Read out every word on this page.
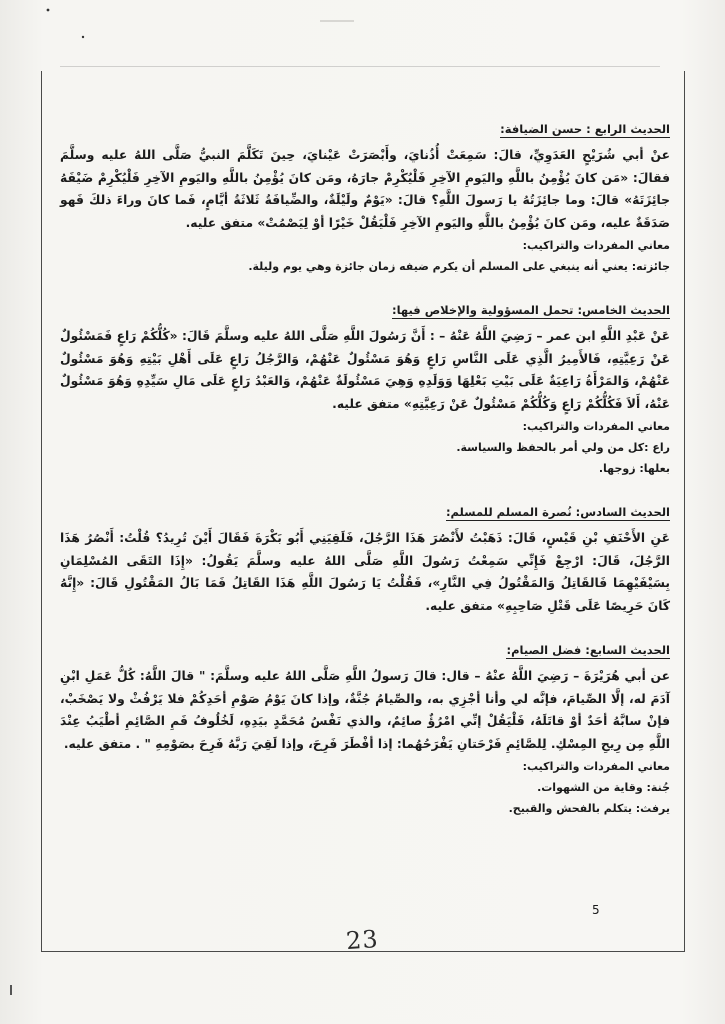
الحديث الرابع : حسن الضيافة:

عنْ أبي شُرَيْحٍ العَدَوِيِّ، قالَ: سَمِعَتْ أُذُنايَ، وأَبْصَرَتْ عَيْنايَ، حِينَ تَكَلَّمَ النبيُّ صَلَّى اللهُ عليه وسلَّمَ فقالَ: «مَن كانَ يُؤْمِنُ باللَّهِ واليَومِ الآخِرِ فَلْيُكْرِمْ جارَهُ، ومَن كانَ يُؤْمِنُ باللَّهِ واليَومِ الآخِرِ فَلْيُكْرِمْ ضَيْفَهُ جائِزَتَهُ» قالَ: وما جائِزَتُهُ يا رَسولَ اللَّهِ؟ قالَ: «يَوْمٌ ولَيْلَةٌ، والضِّيافَةُ ثَلاثَةُ أيَّامٍ، فَما كانَ وراءَ ذلكَ فَهو صَدَقَةٌ عليه، ومَن كانَ يُؤْمِنُ باللَّهِ واليَومِ الآخِرِ فَلْيَقُلْ خَيْرًا أوْ لِيَصْمُتْ» متفق عليه.

معاني المفردات والتراكيب:

جائزته: يعني أنه ينبغي على المسلم أن يكرم ضيفه زمان جائزة وهي يوم وليلة.

الحديث الخامس: تحمل المسؤولية والإخلاص فيها:

عَنْ عَبْدِ اللَّهِ ابن عمر – رَضِيَ اللَّهُ عَنْهُ – : أَنَّ رَسُولَ اللَّهِ صَلَّى اللهُ عليه وسلَّمَ قَالَ: «كُلُّكُمْ رَاعٍ فَمَسْئُولٌ عَنْ رَعِيَّتِهِ، فَالأَمِيرُ الَّذِي عَلَى النَّاسِ رَاعٍ وَهُوَ مَسْئُولٌ عَنْهُمْ، وَالرَّجُلُ رَاعٍ عَلَى أَهْلِ بَيْتِهِ وَهُوَ مَسْئُولٌ عَنْهُمْ، وَالمَرْأَةُ رَاعِيَةٌ عَلَى بَيْتِ بَعْلِهَا وَوَلَدِهِ وَهِيَ مَسْئُولَةٌ عَنْهُمْ، وَالعَبْدُ رَاعٍ عَلَى مَالِ سَيِّدِهِ وَهُوَ مَسْئُولٌ عَنْهُ، أَلاَ فَكُلُّكُمْ رَاعٍ وَكُلُّكُمْ مَسْئُولٌ عَنْ رَعِيَّتِهِ» متفق عليه.

معاني المفردات والتراكيب:

راع :كل من ولي أمر بالحفظ والسياسة.

بعلها: زوجها.

الحديث السادس: نُصرة المسلم للمسلم:

عَنِ الأَحْنَفِ بْنِ قَيْسٍ، قَالَ: ذَهَبْتُ لأَنْصُرَ هَذَا الرَّجُلَ، فَلَقِيَنِي أَبُو بَكْرَةَ فَقَالَ أَيْنَ تُرِيدُ؟ قُلْتُ: أَنْصُرُ هَذَا الرَّجُلَ، قَالَ: ارْجِعْ فَإِنِّي سَمِعْتُ رَسُولَ اللَّهِ صَلَّى اللهُ عليه وسلَّمَ يَقُولُ: «إِذَا التَقَى المُسْلِمَانِ بِسَيْفَيْهِمَا فَالقَاتِلُ وَالمَقْتُولُ فِي النَّارِ»، فَقُلْتُ يَا رَسُولَ اللَّهِ هَذَا القَاتِلُ فَمَا بَالُ المَقْتُولِ قَالَ: «إِنَّهُ كَانَ حَرِيصًا عَلَى قَتْلِ صَاحِبِهِ» متفق عليه.

الحديث السابع: فضل الصيام:

عن أبي هُرَيْرَةَ – رَضِيَ اللَّهُ عنْهُ – قال: قالَ رَسولُ اللَّهِ صَلَّى اللهُ عليه وسلَّمَ: " قالَ اللَّهُ: كُلُّ عَمَلِ ابْنِ آدَمَ له، إلَّا الصِّيامَ، فإنَّه لي وأنا أجْزِي به، والصِّيامُ جُنَّةٌ، وإذا كانَ يَوْمُ صَوْمِ أحَدِكُمْ فلا يَرْفُثْ ولا يَصْخَبْ، فإنْ سابَّهُ أحَدٌ أوْ قاتَلَهُ، فَلْيَقُلْ إنِّي امْرُؤٌ صائِمٌ، والذي نَفْسُ مُحَمَّدٍ بيَدِهِ، لَخُلُوفُ فَمِ الصَّائِمِ أطْيَبُ عِنْدَ اللَّهِ مِن رِيحِ المِسْكِ. لِلصَّائِمِ فَرْحَتانِ يَفْرَحُهُما: إذا أفْطَرَ فَرِحَ، وإذا لَقِيَ رَبَّهُ فَرِحَ بصَوْمِهِ " . متفق عليه.

معاني المفردات والتراكيب:

جُنة: وقاية من الشهوات.

يرفث: يتكلم بالفحش والقبيح.

5
23
